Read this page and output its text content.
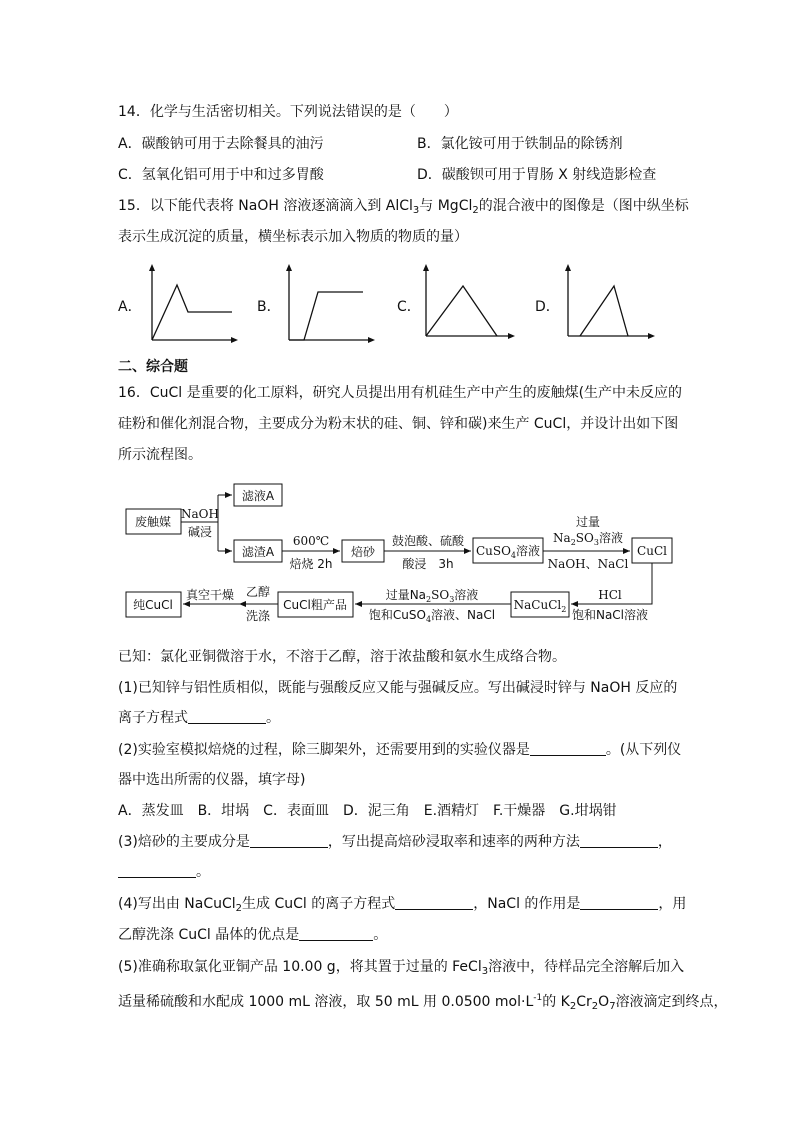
14．化学与生活密切相关。下列说法错误的是（　　）
A．碳酸钠可用于去除餐具的油污	B．氯化铵可用于铁制品的除锈剂
C．氢氧化铝可用于中和过多胃酸	D．碳酸钡可用于胃肠 X 射线造影检查
15．以下能代表将 NaOH 溶液逐滴滴入到 AlCl$_3$与 MgCl$_2$的混合液中的图像是（图中纵坐标
表示生成沉淀的质量，横坐标表示加入物质的物质的量）
A．	B．	C．	D．
二、综合题
16．CuCl 是重要的化工原料，研究人员提出用有机硅生产中产生的废触煤(生产中未反应的
硅粉和催化剂混合物，主要成分为粉末状的硅、铜、锌和碳)来生产 CuCl，并设计出如下图
所示流程图。
废触媒
NaOH
碱浸
滤液A
滤渣A
600℃
焙烧 2h
焙砂
鼓泡酸、硫酸
酸浸　3h
CuSO$_4$溶液
过量
$Na_2SO_3$溶液
NaOH、NaCl
CuCl
HCl
饱和NaCl溶液
NaCuCl$_2$
过量$Na_2SO_3$溶液
饱和CuSO$_4$溶液、NaCl
CuCl粗产品
乙醇
洗涤
真空干燥
纯CuCl
已知：氯化亚铜微溶于水，不溶于乙醇，溶于浓盐酸和氨水生成络合物。
(1)已知锌与铝性质相似，既能与强酸反应又能与强碱反应。写出碱浸时锌与 NaOH 反应的
离子方程式	。
(2)实验室模拟焙烧的过程，除三脚架外，还需要用到的实验仪器是	。(从下列仪
器中选出所需的仪器，填字母)
A．蒸发皿　B．坩埚　C．表面皿　D．泥三角　E.酒精灯　F.干燥器　G.坩埚钳
(3)焙砂的主要成分是	，写出提高焙砂浸取率和速率的两种方法	，
。
(4)写出由 NaCuCl$_2$生成 CuCl 的离子方程式	，NaCl 的作用是	，用
乙醇洗涤 CuCl 晶体的优点是	。
(5)准确称取氯化亚铜产品 10.00 g，将其置于过量的 FeCl$_3$溶液中，待样品完全溶解后加入
适量稀硫酸和水配成 1000 mL 溶液，取 50 mL 用 0.0500 $mol\cdot L^{-1}$的 $K_2Cr_2O_7$溶液滴定到终点，
